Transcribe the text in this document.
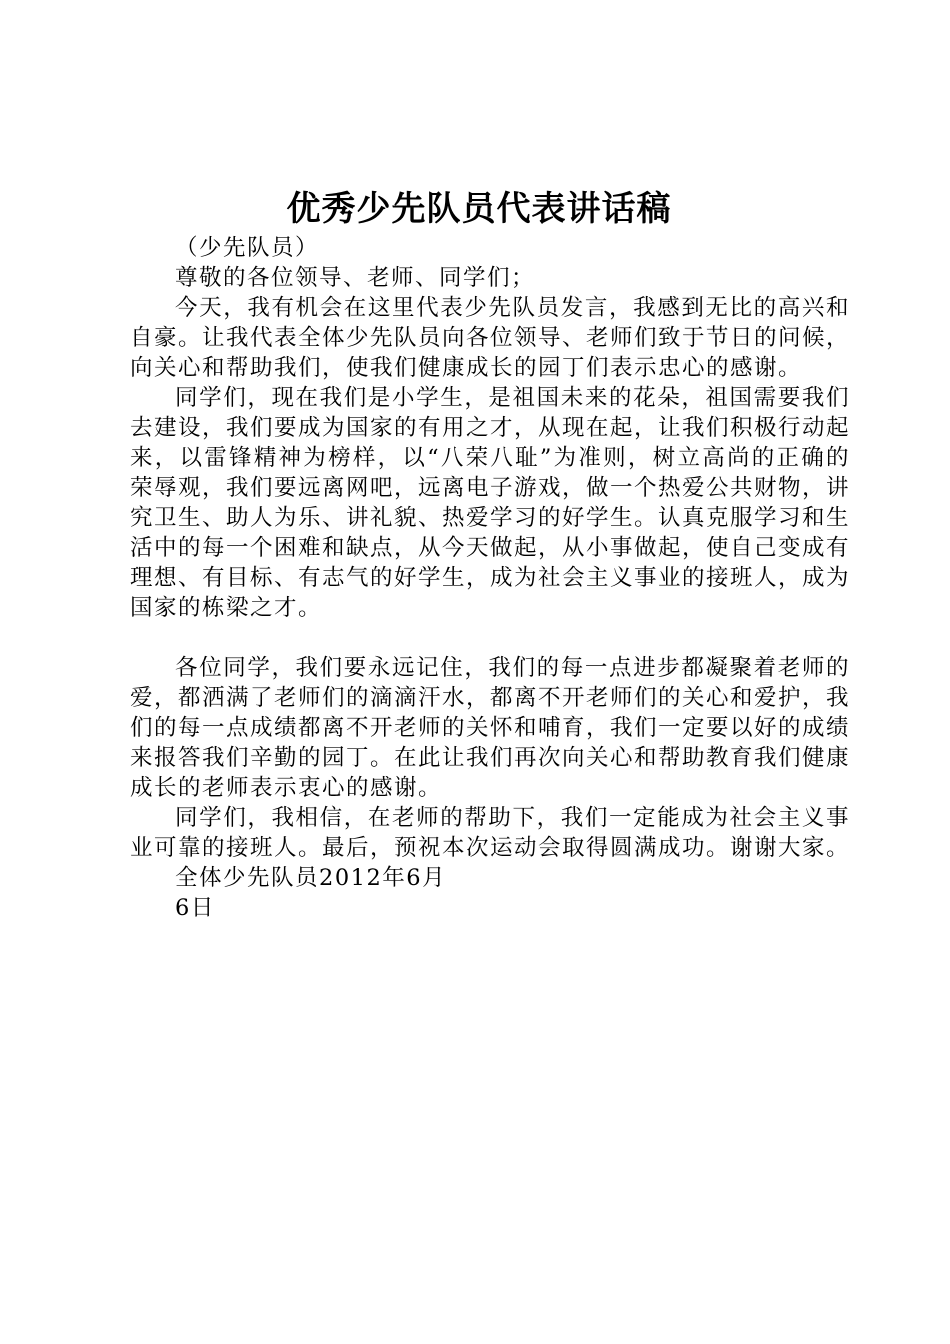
优秀少先队员代表讲话稿

（少先队员）

尊敬的各位领导、老师、同学们；

今天，我有机会在这里代表少先队员发言，我感到无比的高兴和自豪。让我代表全体少先队员向各位领导、老师们致于节日的问候，向关心和帮助我们，使我们健康成长的园丁们表示忠心的感谢。

同学们，现在我们是小学生，是祖国未来的花朵，祖国需要我们去建设，我们要成为国家的有用之才，从现在起，让我们积极行动起来，以雷锋精神为榜样，以“八荣八耻”为准则，树立高尚的正确的荣辱观，我们要远离网吧，远离电子游戏，做一个热爱公共财物，讲究卫生、助人为乐、讲礼貌、热爱学习的好学生。认真克服学习和生活中的每一个困难和缺点，从今天做起，从小事做起，使自己变成有理想、有目标、有志气的好学生，成为社会主义事业的接班人，成为国家的栋梁之才。

各位同学，我们要永远记住，我们的每一点进步都凝聚着老师的爱，都洒满了老师们的滴滴汗水，都离不开老师们的关心和爱护，我们的每一点成绩都离不开老师的关怀和哺育，我们一定要以好的成绩来报答我们辛勤的园丁。在此让我们再次向关心和帮助教育我们健康成长的老师表示衷心的感谢。

同学们，我相信，在老师的帮助下，我们一定能成为社会主义事业可靠的接班人。最后，预祝本次运动会取得圆满成功。谢谢大家。

全体少先队员2012年6月

6日
